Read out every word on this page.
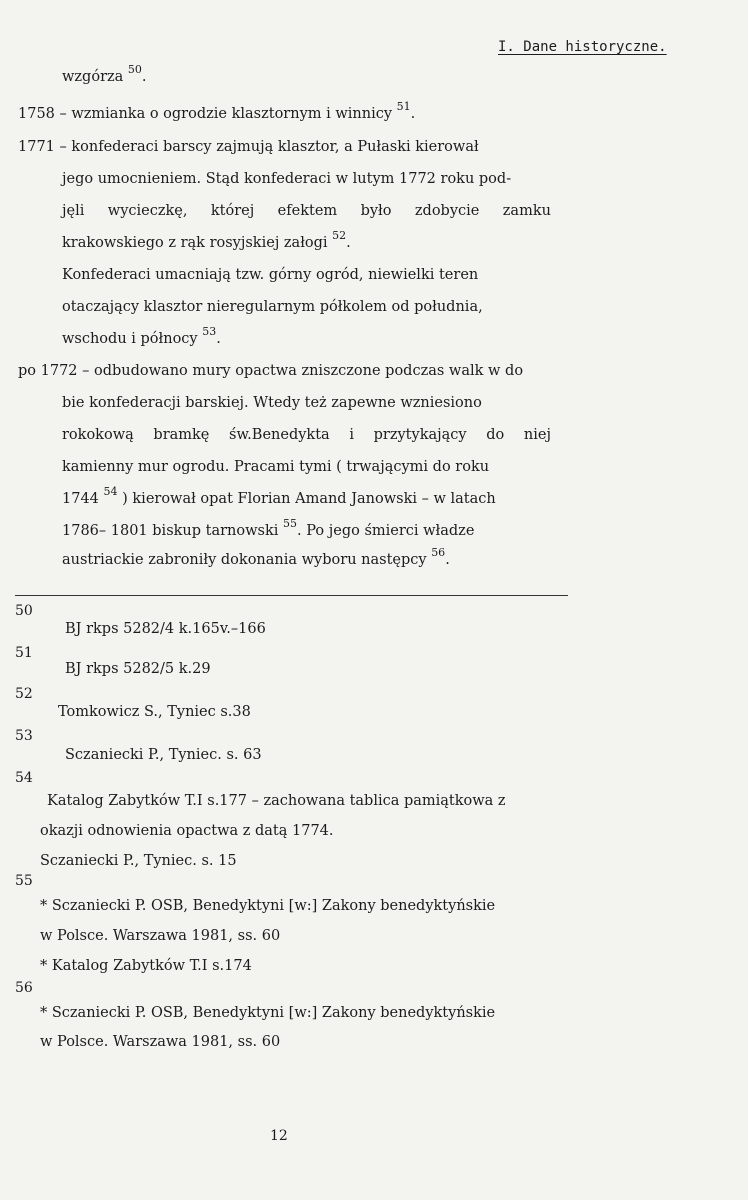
I. Dane historyczne.
wzgórza $^{50}$.
1758 – wzmianka o ogrodzie klasztornym i winnicy $^{51}$.
1771 – konfederaci barscy zajmują klasztor, a Pułaski kierował
jego umocnieniem. Stąd konfederaci w lutym 1772 roku pod-
jęli wycieczkę, której efektem było zdobycie zamku
krakowskiego z rąk rosyjskiej załogi $^{52}$.
Konfederaci umacniają tzw. górny ogród, niewielki teren
otaczający klasztor nieregularnym półkolem od południa,
wschodu i północy $^{53}$.
po 1772 – odbudowano mury opactwa zniszczone podczas walk w do
bie konfederacji barskiej. Wtedy też zapewne wzniesiono
rokokową bramkę św.Benedykta i przytykający do niej
kamienny mur ogrodu. Pracami tymi ( trwającymi do roku
1744 $^{54}$ ) kierował opat Florian Amand Janowski – w latach
1786– 1801 biskup tarnowski $^{55}$. Po jego śmierci władze
austriackie zabroniły dokonania wyboru następcy $^{56}$.
50
BJ rkps 5282/4 k.165v.–166
51
BJ rkps 5282/5 k.29
52
Tomkowicz S., Tyniec s.38
53
Sczaniecki P., Tyniec. s. 63
54
Katalog Zabytków T.I s.177 – zachowana tablica pamiątkowa z
okazji odnowienia opactwa z datą 1774.
Sczaniecki P., Tyniec. s. 15
55
* Sczaniecki P. OSB, Benedyktyni [w:] Zakony benedyktyńskie
w Polsce. Warszawa 1981, ss. 60
* Katalog Zabytków T.I s.174
56
* Sczaniecki P. OSB, Benedyktyni [w:] Zakony benedyktyńskie
w Polsce. Warszawa 1981, ss. 60
12
